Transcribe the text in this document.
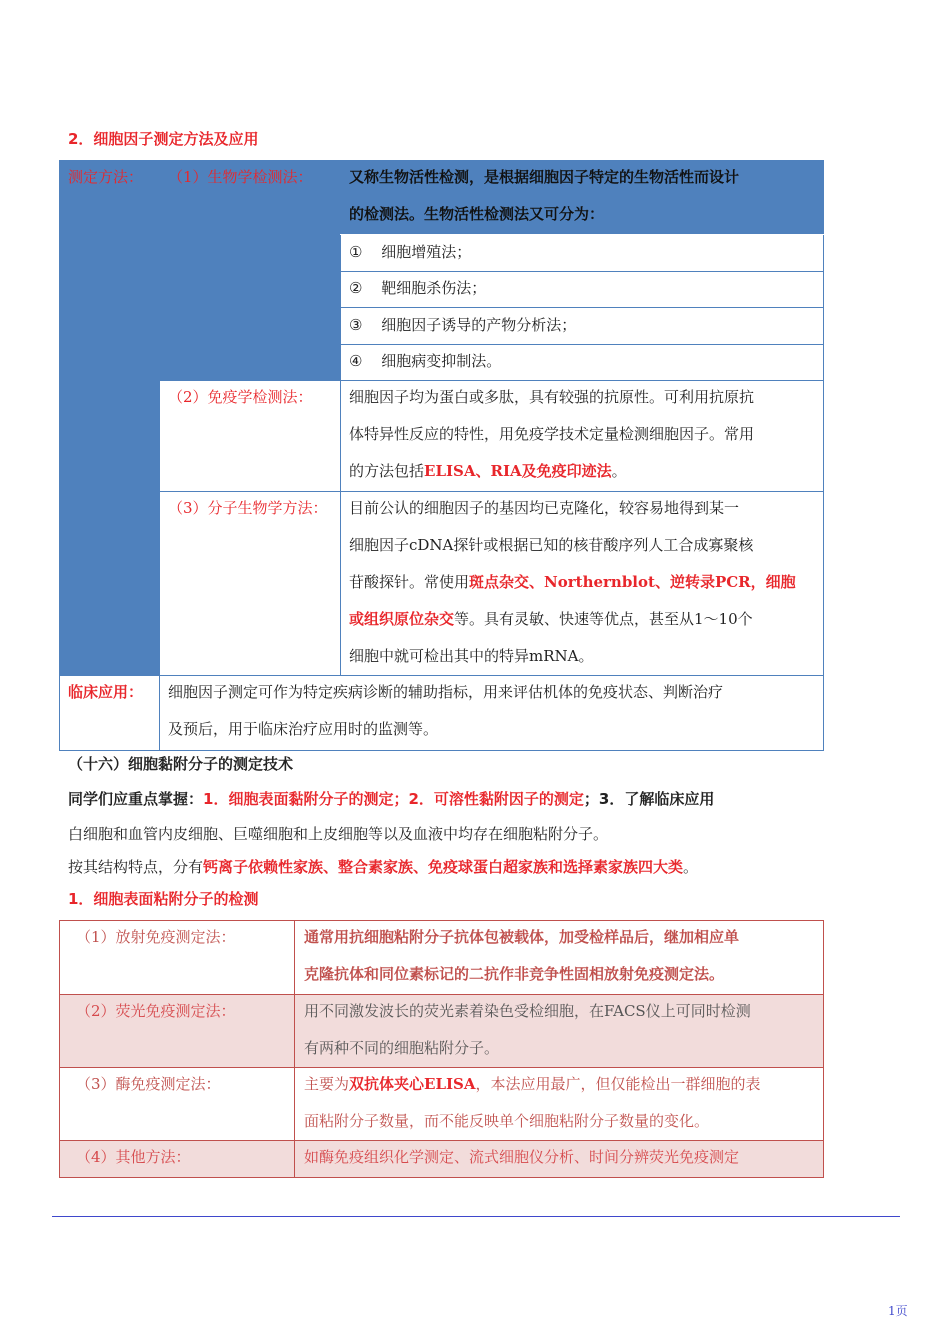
2．细胞因子测定方法及应用
测定方法： （1）生物学检测法： 又称生物活性检测，是根据细胞因子特定的生物活性而设计
的检测法。生物活性检测法又可分为：
① 细胞增殖法；
② 靶细胞杀伤法；
③ 细胞因子诱导的产物分析法；
④ 细胞病变抑制法。
（2）免疫学检测法： 细胞因子均为蛋白或多肽，具有较强的抗原性。可利用抗原抗
体特异性反应的特性，用免疫学技术定量检测细胞因子。常用
的方法包括ELISA、RIA及免疫印迹法。
（3）分子生物学方法： 目前公认的细胞因子的基因均已克隆化，较容易地得到某一
细胞因子cDNA探针或根据已知的核苷酸序列人工合成寡聚核
苷酸探针。常使用斑点杂交、Northernblot、逆转录PCR，细胞
或组织原位杂交等。具有灵敏、快速等优点，甚至从1～10个
细胞中就可检出其中的特异mRNA。
临床应用： 细胞因子测定可作为特定疾病诊断的辅助指标，用来评估机体的免疫状态、判断治疗
及预后，用于临床治疗应用时的监测等。
（十六）细胞黏附分子的测定技术
同学们应重点掌握：1．细胞表面黏附分子的测定；2．可溶性黏附因子的测定；3．了解临床应用
白细胞和血管内皮细胞、巨噬细胞和上皮细胞等以及血液中均存在细胞粘附分子。
按其结构特点，分有钙离子依赖性家族、整合素家族、免疫球蛋白超家族和选择素家族四大类。
1．细胞表面粘附分子的检测
（1）放射免疫测定法：	通常用抗细胞粘附分子抗体包被载体，加受检样品后，继加相应单
克隆抗体和同位素标记的二抗作非竞争性固相放射免疫测定法。
（2）荧光免疫测定法：	用不同激发波长的荧光素着染色受检细胞，在FACS仪上可同时检测
有两种不同的细胞粘附分子。
（3）酶免疫测定法：	主要为双抗体夹心ELISA，本法应用最广，但仅能检出一群细胞的表
面粘附分子数量，而不能反映单个细胞粘附分子数量的变化。
（4）其他方法：	如酶免疫组织化学测定、流式细胞仪分析、时间分辨荧光免疫测定
1页
